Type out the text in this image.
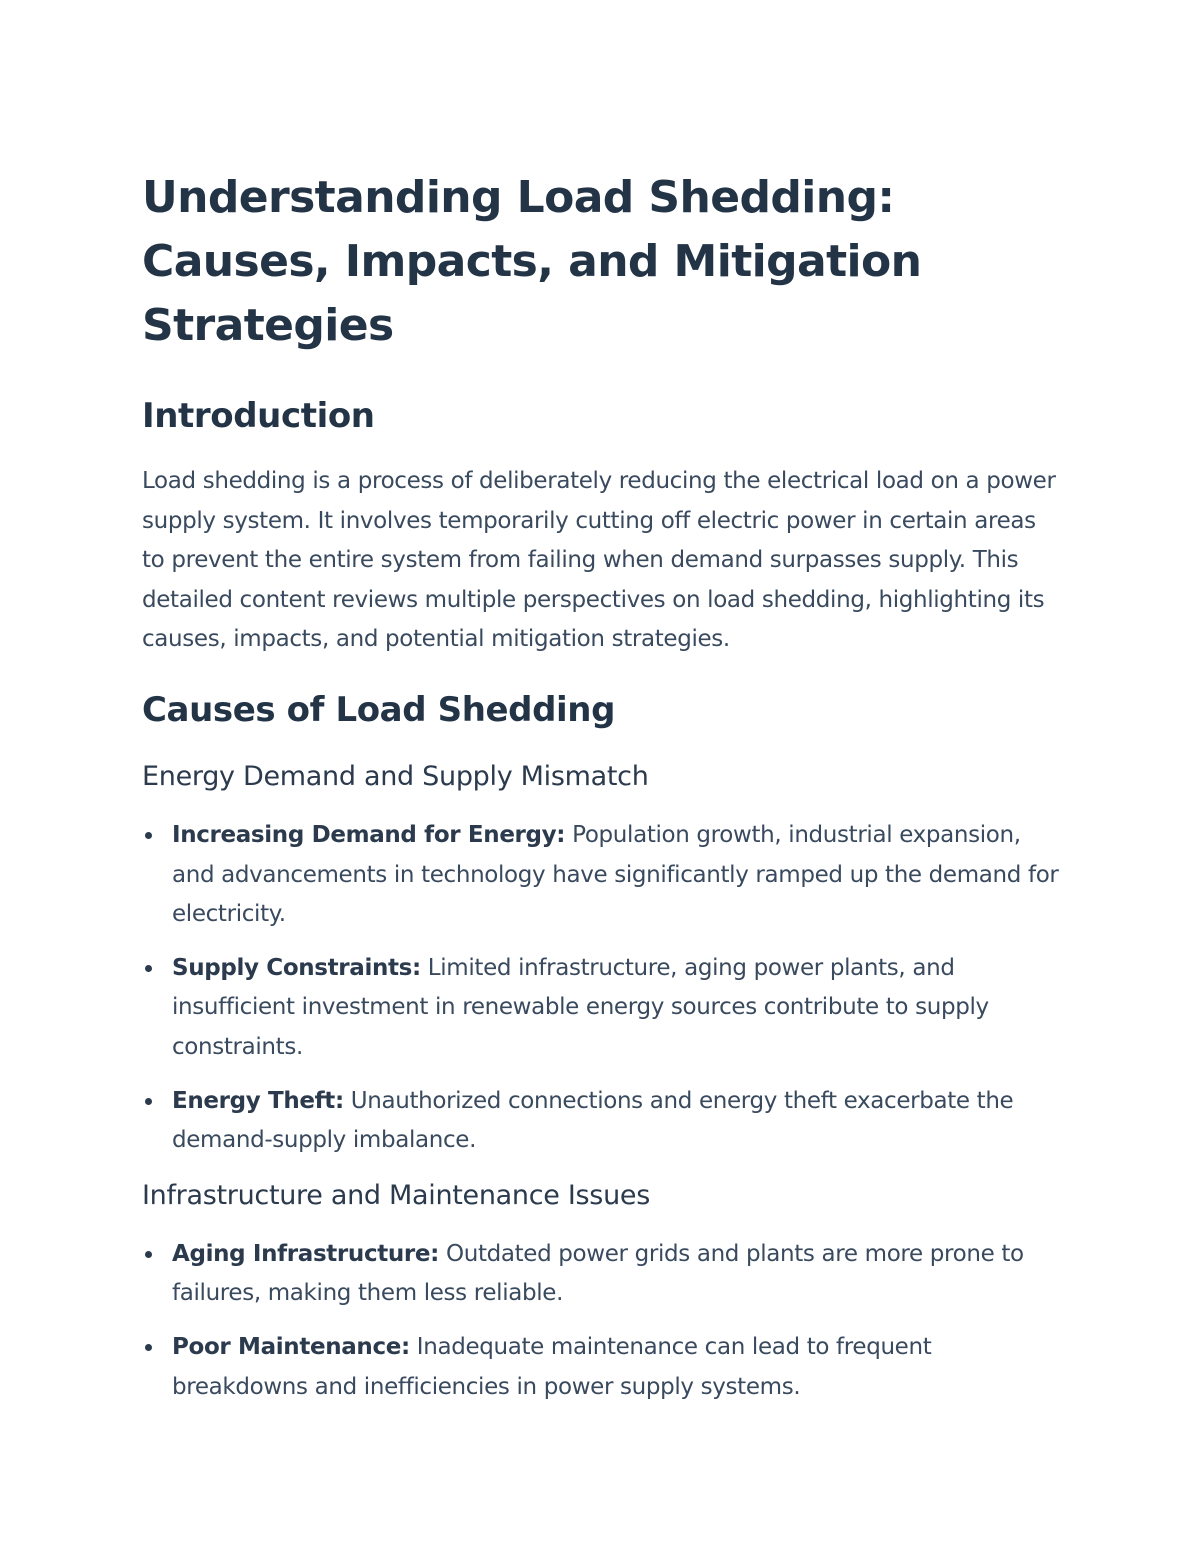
Understanding Load Shedding: Causes, Impacts, and Mitigation Strategies
Introduction

Load shedding is a process of deliberately reducing the electrical load on a power supply system. It involves temporarily cutting off electric power in certain areas to prevent the entire system from failing when demand surpasses supply. This detailed content reviews multiple perspectives on load shedding, highlighting its causes, impacts, and potential mitigation strategies.

Causes of Load Shedding
Energy Demand and Supply Mismatch
Increasing Demand for Energy: Population growth, industrial expansion, and advancements in technology have significantly ramped up the demand for electricity.
Supply Constraints: Limited infrastructure, aging power plants, and insufficient investment in renewable energy sources contribute to supply constraints.
Energy Theft: Unauthorized connections and energy theft exacerbate the demand-supply imbalance.
Infrastructure and Maintenance Issues
Aging Infrastructure: Outdated power grids and plants are more prone to failures, making them less reliable.
Poor Maintenance: Inadequate maintenance can lead to frequent breakdowns and inefficiencies in power supply systems.
